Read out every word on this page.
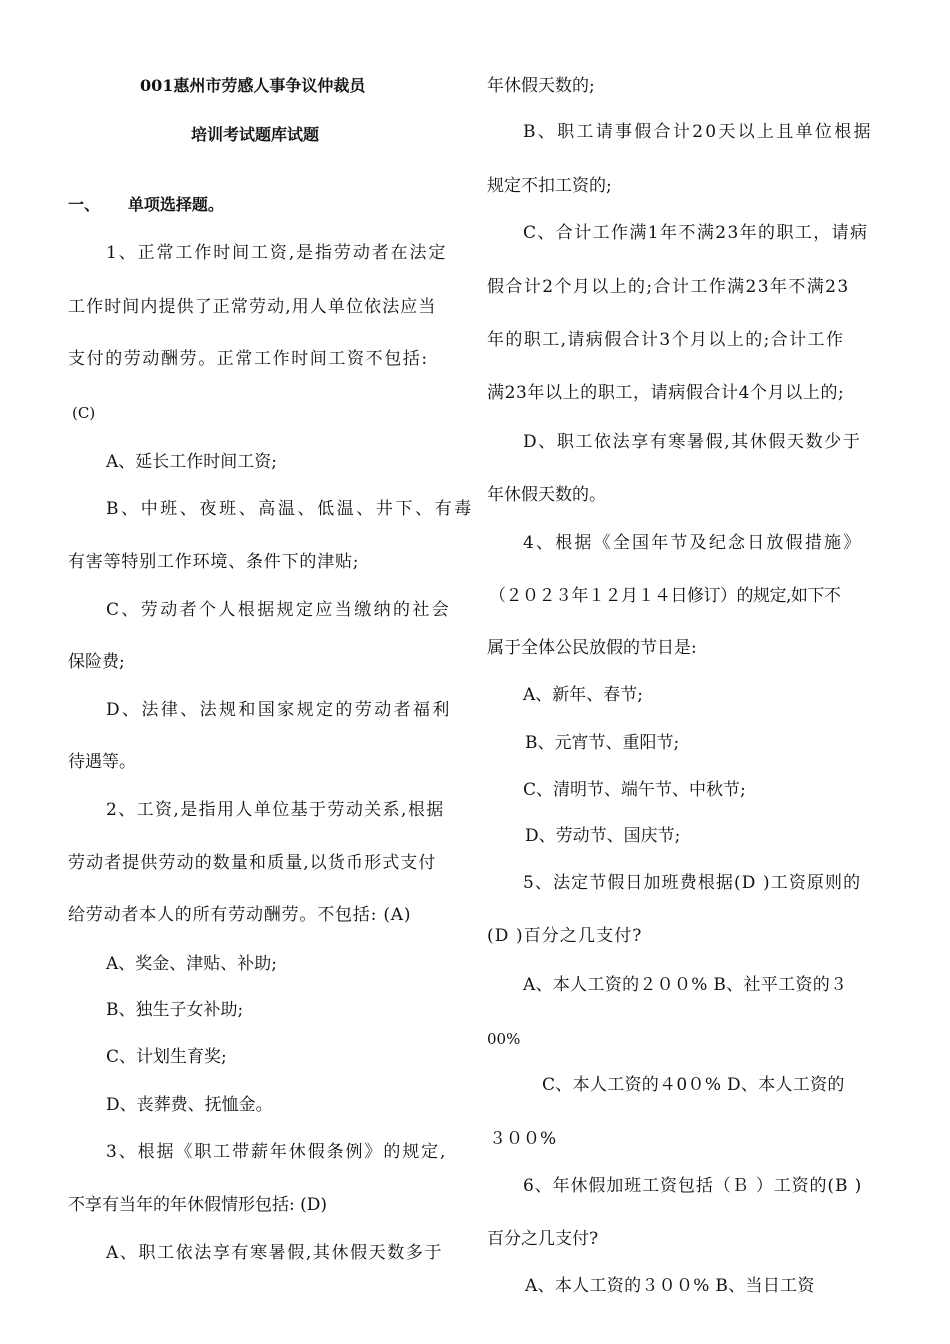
001惠州市劳感人事争议仲裁员
培训考试题库试题
一、     单项选择题。
1、正常工作时间工资,是指劳动者在法定
工作时间内提供了正常劳动,用人单位依法应当
支付的劳动酬劳。正常工作时间工资不包括:
(C)
A、延长工作时间工资;
B、中班、夜班、高温、低温、井下、有毒
有害等特别工作环境、条件下的津贴;
C、劳动者个人根据规定应当缴纳的社会
保险费;
D、法律、法规和国家规定的劳动者福利
待遇等。
2、工资,是指用人单位基于劳动关系,根据
劳动者提供劳动的数量和质量,以货币形式支付
给劳动者本人的所有劳动酬劳。不包括: (A)
A、奖金、津贴、补助;
B、独生子女补助;
C、计划生育奖;
D、丧葬费、抚恤金。
3、根据《职工带薪年休假条例》的规定,
不享有当年的年休假情形包括: (D)
A、职工依法享有寒暑假,其休假天数多于
年休假天数的;
B、职工请事假合计20天以上且单位根据
规定不扣工资的;
C、合计工作满1年不满23年的职工，请病
假合计2个月以上的;合计工作满23年不满23
年的职工,请病假合计3个月以上的;合计工作
满23年以上的职工，请病假合计4个月以上的;
D、职工依法享有寒暑假,其休假天数少于
年休假天数的。
4、根据《全国年节及纪念日放假措施》
（２０２３年１２月１４日修订）的规定,如下不
属于全体公民放假的节日是:
A、新年、春节;
B、元宵节、重阳节;
C、清明节、端午节、中秋节;
D、劳动节、国庆节;
5、法定节假日加班费根据(D )工资原则的
(D )百分之几支付?
A、本人工资的２００% B、社平工资的３
00%
C、本人工资的４0０% D、本人工资的
３００%
6、年休假加班工资包括（Ｂ ）工资的(B )
百分之几支付?
A、本人工资的３００% B、当日工资
